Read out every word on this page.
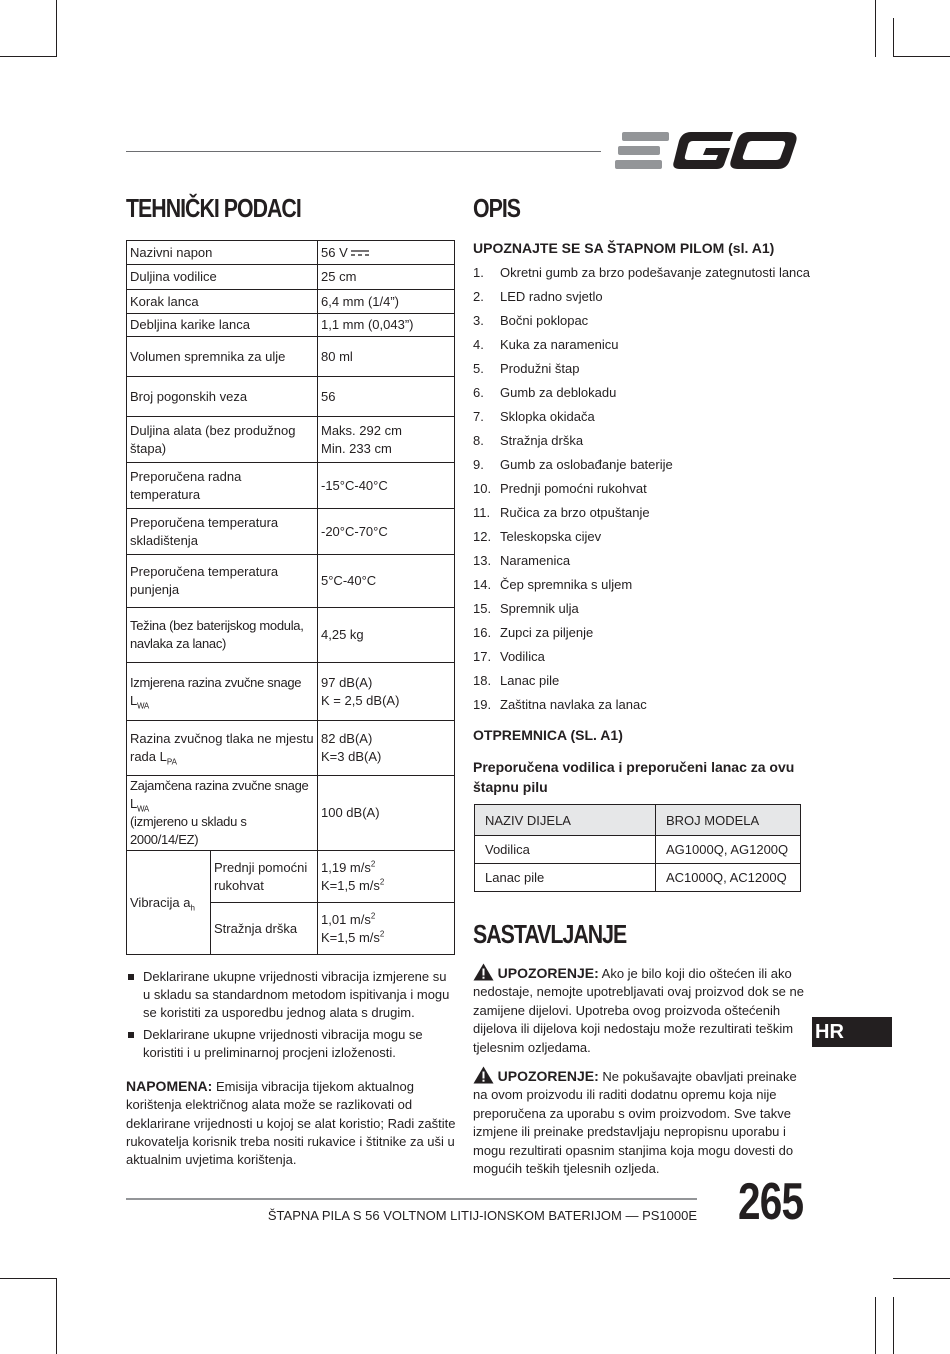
TEHNIČKI PODACI
Nazivni napon		56 V
Duljina vodilice		25 cm
Korak lanca		6,4 mm (1/4”)
Debljina karike lanca		1,1 mm (0,043”)
Volumen spremnika za ulje		80 ml
Broj pogonskih veza		56
Duljina alata (bez produžnog
štapa)		Maks. 292 cm
Min. 233 cm
Preporučena radna temperatura		-15°C-40°C
Preporučena temperatura
skladištenja		-20°C-70°C
Preporučena temperatura
punjenja		5°C-40°C
Težina (bez baterijskog modula,
navlaka za lanac)		4,25 kg
Izmjerena razina zvučne snage $L_{WA}$		97 dB(A)
K = 2,5 dB(A)
Razina zvučnog tlaka ne mjestu
rada $L_{PA}$		82 dB(A)
K=3 dB(A)
Zajamčena razina zvučne snage
$L_{WA}$
(izmjereno u skladu s 2000/14/EZ)		100 dB(A)
Vibracija $a_h$	Prednji pomoćni
rukohvat	1,19 $m/s^2$
K=1,5 $m/s^2$
	Stražnja drška	1,01 $m/s^2$
K=1,5 $m/s^2$
Deklarirane ukupne vrijednosti vibracija izmjerene su u skladu sa standardnom metodom ispitivanja i mogu se koristiti za usporedbu jednog alata s drugim.
Deklarirane ukupne vrijednosti vibracija mogu se koristiti i u preliminarnoj procjeni izloženosti.
NAPOMENA: Emisija vibracija tijekom aktualnog korištenja električnog alata može se razlikovati od deklarirane vrijednosti u kojoj se alat koristio; Radi zaštite rukovatelja korisnik treba nositi rukavice i štitnike za uši u aktualnim uvjetima korištenja.
OPIS
UPOZNAJTE SE SA ŠTAPNOM PILOM (sl. A1)
1.	Okretni gumb za brzo podešavanje zategnutosti lanca
2.	LED radno svjetlo
3.	Bočni poklopac
4.	Kuka za naramenicu
5.	Produžni štap
6.	Gumb za deblokadu
7.	Sklopka okidača
8.	Stražnja drška
9.	Gumb za oslobađanje baterije
10. Prednji pomoćni rukohvat
11. Ručica za brzo otpuštanje
12. Teleskopska cijev
13. Naramenica
14. Čep spremnika s uljem
15. Spremnik ulja
16. Zupci za piljenje
17. Vodilica
18. Lanac pile
19. Zaštitna navlaka za lanac
OTPREMNICA (SL. A1)
Preporučena vodilica i preporučeni lanac za ovu
štapnu pilu
NAZIV DIJELA	BROJ MODELA
Vodilica	AG1000Q, AG1200Q
Lanac pile	AC1000Q, AC1200Q
SASTAVLJANJE
UPOZORENJE: Ako je bilo koji dio oštećen ili ako nedostaje, nemojte upotrebljavati ovaj proizvod dok se ne zamijene dijelovi. Upotreba ovog proizvoda oštećenih dijelova ili dijelova koji nedostaju može rezultirati teškim tjelesnim ozljedama.
HR
UPOZORENJE: Ne pokušavajte obavljati preinake na ovom proizvodu ili raditi dodatnu opremu koja nije preporučena za uporabu s ovim proizvodom. Sve takve izmjene ili preinake predstavljaju nepropisnu uporabu i mogu rezultirati opasnim stanjima koja mogu dovesti do mogućih teških tjelesnih ozljeda.
ŠTAPNA PILA S 56 VOLTNOM LITIJ-IONSKOM BATERIJOM — PS1000E 265
